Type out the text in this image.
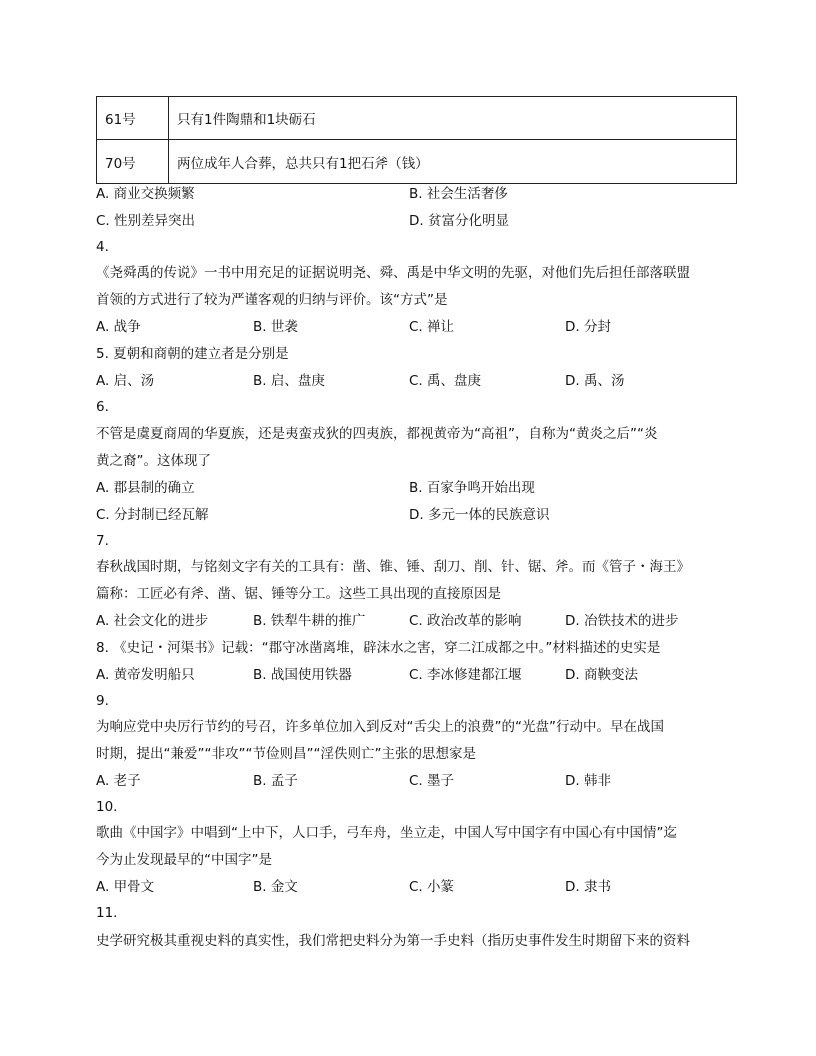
61号	只有1件陶鼎和1块砺石
70号	两位成年人合葬，总共只有1把石斧（钱）
A. 商业交换频繁	B. 社会生活奢侈
C. 性别差异突出	D. 贫富分化明显
4.
《尧舜禹的传说》一书中用充足的证据说明尧、舜、禹是中华文明的先驱，对他们先后担任部落联盟
首领的方式进行了较为严谨客观的归纳与评价。该“方式”是
A. 战争	B. 世袭	C. 禅让	D. 分封
5. 夏朝和商朝的建立者是分别是
A. 启、汤	B. 启、盘庚	C. 禹、盘庚	D. 禹、汤
6.
不管是虞夏商周的华夏族，还是夷蛮戎狄的四夷族，都视黄帝为“高祖”，自称为“黄炎之后”“炎
黄之裔”。这体现了
A. 郡县制的确立	B. 百家争鸣开始出现
C. 分封制已经瓦解	D. 多元一体的民族意识
7.
春秋战国时期，与铭刻文字有关的工具有：凿、锥、锤、刮刀、削、针、锯、斧。而《管子・海王》
篇称：工匠必有斧、凿、锯、锤等分工。这些工具出现的直接原因是
A. 社会文化的进步	B. 铁犁牛耕的推广	C. 政治改革的影响	D. 冶铁技术的进步
8. 《史记・河渠书》记载：“郡守冰凿离堆，辟沫水之害，穿二江成都之中。”材料描述的史实是
A. 黄帝发明船只	B. 战国使用铁器	C. 李冰修建都江堰	D. 商鞅变法
9.
为响应党中央厉行节约的号召，许多单位加入到反对“舌尖上的浪费”的“光盘”行动中。早在战国
时期，提出“兼爱”“非攻”“节俭则昌”“淫佚则亡”主张的思想家是
A. 老子	B. 孟子	C. 墨子	D. 韩非
10.
歌曲《中国字》中唱到“上中下，人口手，弓车舟，坐立走，中国人写中国字有中国心有中国情”迄
今为止发现最早的“中国字”是
A. 甲骨文	B. 金文	C. 小篆	D. 隶书
11.
史学研究极其重视史料的真实性，我们常把史料分为第一手史料（指历史事件发生时期留下来的资料
